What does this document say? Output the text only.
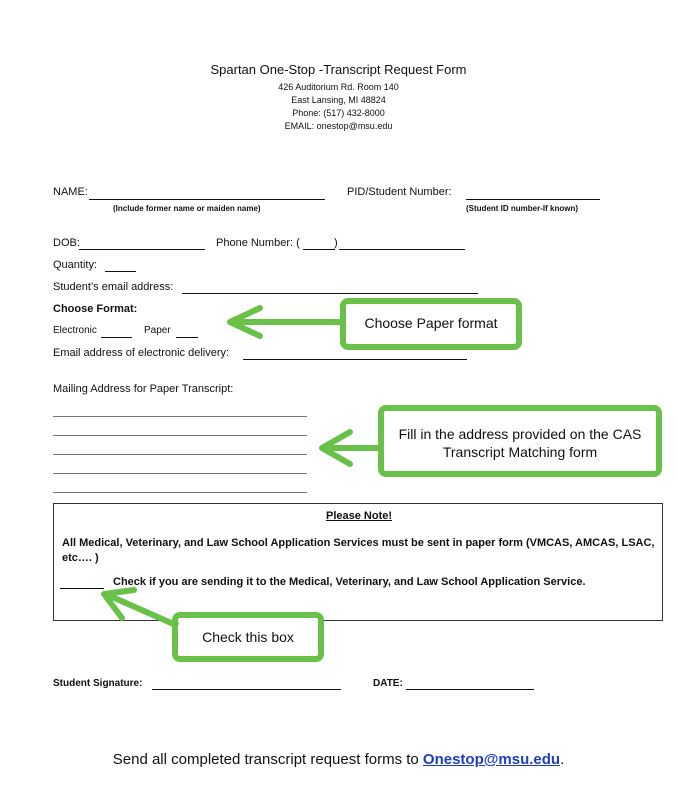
Spartan One-Stop -Transcript Request Form
426 Auditorium Rd. Room 140
East Lansing, MI 48824
Phone: (517) 432-8000
EMAIL: onestop@msu.edu
NAME:
(Include former name or maiden name)
PID/Student Number:
(Student ID number-If known)
DOB:	Phone Number: (	)
Quantity:
Student’s email address:
Choose Format:
Electronic	Paper
Email address of electronic delivery:
Mailing Address for Paper Transcript:
Choose Paper format
Fill in the address provided on the CAS Transcript Matching form
Please Note!
All Medical, Veterinary, and Law School Application Services must be sent in paper form (VMCAS, AMCAS, LSAC, etc…. )
Check if you are sending it to the Medical, Veterinary, and Law School Application Service.
Check this box
Student Signature:	DATE:
Send all completed transcript request forms to Onestop@msu.edu.
